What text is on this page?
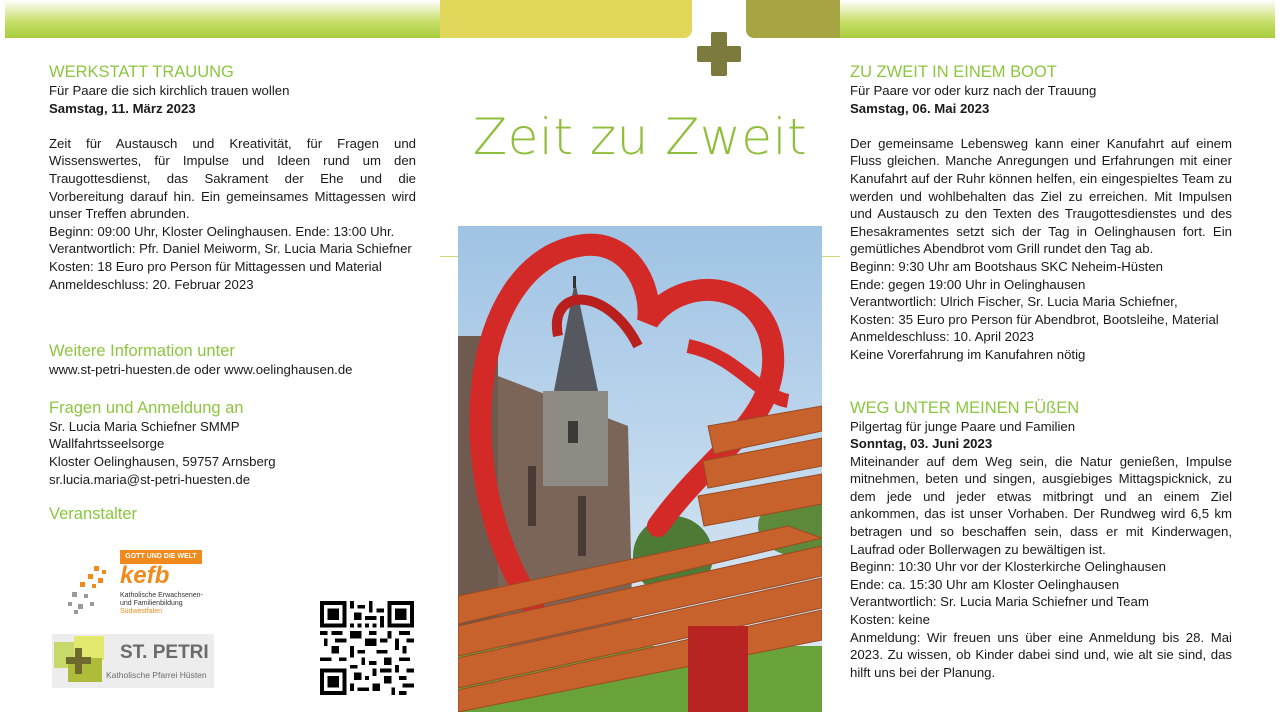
Zeit zu Zweit
WERKSTATT TRAUUNG
Für Paare die sich kirchlich trauen wollen
Samstag, 11. März 2023
Zeit für Austausch und Kreativität, für Fragen und Wissenswertes, für Impulse und Ideen rund um den Traugottesdienst, das Sakrament der Ehe und die Vorbereitung darauf hin. Ein gemeinsames Mittagessen wird unser Treffen abrunden.
Beginn: 09:00 Uhr, Kloster Oelinghausen. Ende: 13:00 Uhr.
Verantwortlich: Pfr. Daniel Meiworm, Sr. Lucia Maria Schiefner
Kosten: 18 Euro pro Person für Mittagessen und Material
Anmeldeschluss: 20. Februar 2023
Weitere Information unter
www.st-petri-huesten.de oder www.oelinghausen.de
Fragen und Anmeldung an
Sr. Lucia Maria Schiefner SMMP
Wallfahrtsseelsorge
Kloster Oelinghausen, 59757 Arnsberg
sr.lucia.maria@st-petri-huesten.de
Veranstalter
GOTT UND DIE WELT
kefb
Katholische Erwachsenen-
und Familienbildung
Südwestfalen
ST. PETRI
Katholische Pfarrei Hüsten
ZU ZWEIT IN EINEM BOOT
Für Paare vor oder kurz nach der Trauung
Samstag, 06. Mai 2023
Der gemeinsame Lebensweg kann einer Kanufahrt auf einem Fluss gleichen. Manche Anregungen und Erfahrungen mit einer Kanufahrt auf der Ruhr können helfen, ein eingespieltes Team zu werden und wohlbehalten das Ziel zu erreichen. Mit Impulsen und Austausch zu den Texten des Traugottesdienstes und des Ehesakramentes setzt sich der Tag in Oelinghausen fort. Ein gemütliches Abendbrot vom Grill rundet den Tag ab.
Beginn: 9:30 Uhr am Bootshaus SKC Neheim-Hüsten
Ende: gegen 19:00 Uhr in Oelinghausen
Verantwortlich: Ulrich Fischer, Sr. Lucia Maria Schiefner,
Kosten: 35 Euro pro Person für Abendbrot, Bootsleihe, Material
Anmeldeschluss: 10. April 2023
Keine Vorerfahrung im Kanufahren nötig
WEG UNTER MEINEN FÜßEN
Pilgertag für junge Paare und Familien
Sonntag, 03. Juni 2023
Miteinander auf dem Weg sein, die Natur genießen, Impulse mitnehmen, beten und singen, ausgiebiges Mittagspicknick, zu dem jede und jeder etwas mitbringt und an einem Ziel ankommen, das ist unser Vorhaben. Der Rundweg wird 6,5 km betragen und so beschaffen sein, dass er mit Kinderwagen, Laufrad oder Bollerwagen zu bewältigen ist.
Beginn: 10:30 Uhr vor der Klosterkirche Oelinghausen
Ende: ca. 15:30 Uhr am Kloster Oelinghausen
Verantwortlich: Sr. Lucia Maria Schiefner und Team
Kosten: keine
Anmeldung: Wir freuen uns über eine Anmeldung bis 28. Mai 2023. Zu wissen, ob Kinder dabei sind und, wie alt sie sind, das hilft uns bei der Planung.
